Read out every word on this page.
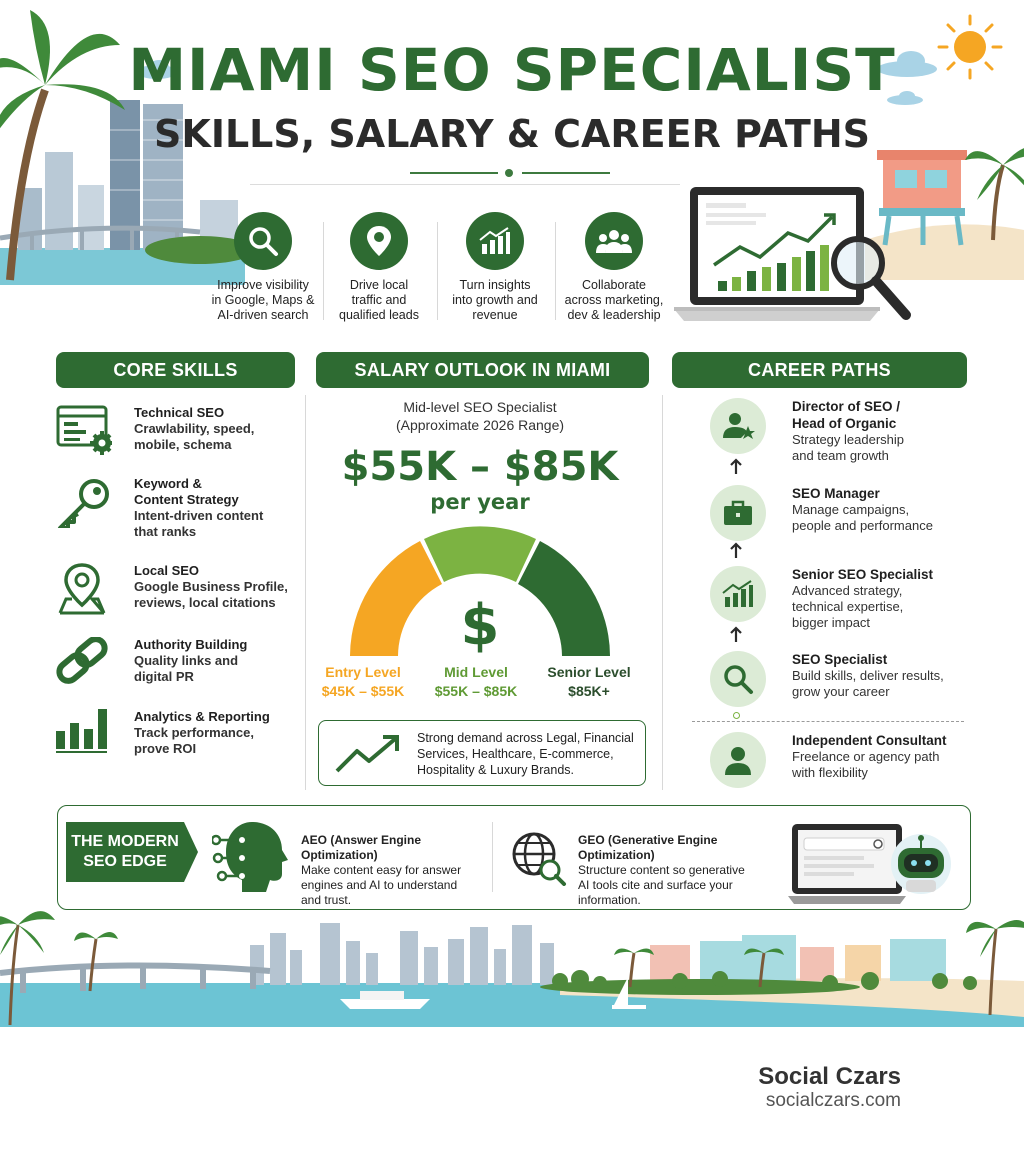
MIAMI SEO SPECIALIST
SKILLS, SALARY & CAREER PATHS
Improve visibility
in Google, Maps &
AI-driven search
Drive local
traffic and
qualified leads
Turn insights
into growth and
revenue
Collaborate
across marketing,
dev & leadership
CORE SKILLS	SALARY OUTLOOK IN MIAMI	CAREER PATHS
Technical SEO
Crawlability, speed,
mobile, schema
Keyword &
Content Strategy
Intent-driven content
that ranks
Local SEO
Google Business Profile,
reviews, local citations
Authority Building
Quality links and
digital PR
Analytics & Reporting
Track performance,
prove ROI
Mid-level SEO Specialist
(Approximate 2026 Range)
$55K – $85K
per year
$
Entry Level
$45K – $55K
Mid Level
$55K – $85K
Senior Level
$85K+
Strong demand across Legal, Financial
Services, Healthcare, E-commerce,
Hospitality & Luxury Brands.
Director of SEO /
Head of Organic
Strategy leadership
and team growth
SEO Manager
Manage campaigns,
people and performance
Senior SEO Specialist
Advanced strategy,
technical expertise,
bigger impact
SEO Specialist
Build skills, deliver results,
grow your career
Independent Consultant
Freelance or agency path
with flexibility
THE MODERN
SEO EDGE
AEO (Answer Engine Optimization)
Make content easy for answer
engines and AI to understand
and trust.
GEO (Generative Engine Optimization)
Structure content so generative
AI tools cite and surface your
information.
Social Czars
socialczars.com
